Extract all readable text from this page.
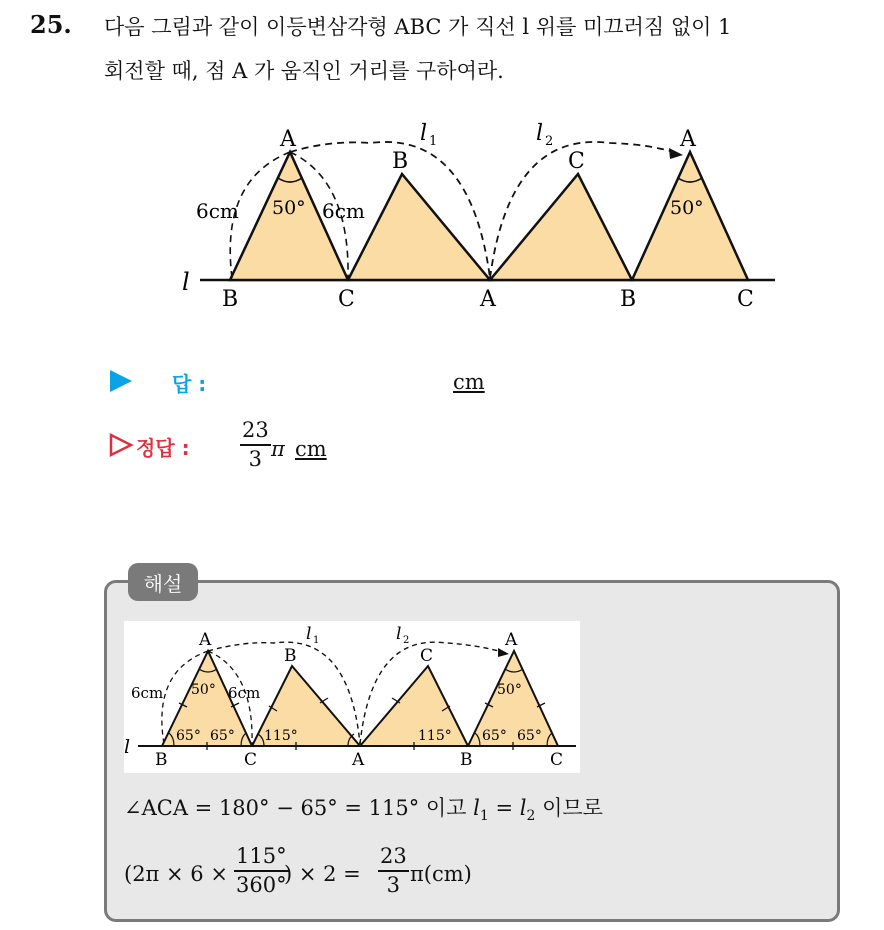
25. 다음 그림과 같이 이등변삼각형 ABC 가 직선 l 위를 미끄러짐 없이 1
회전할 때, 점 A 가 움직인 거리를 구하여라.
A
B	C
A
B	C	A	B	C
l
l 1	l 2
6cm	6cm
50°	50°
답 :	cm
정답 :
23
3 π cm
해설
A
B	C
A
B	C	A	B	C
l
l 1	l 2
6cm	6cm
50°	50°
65° 65° 115°	115° 65° 65°
∠ACA = 180° − 65° = 115° 이고 $l_1 = l_2$ 이므로
(2π × 6 ×
115°
360°
) × 2 =
23
3 π(cm)
